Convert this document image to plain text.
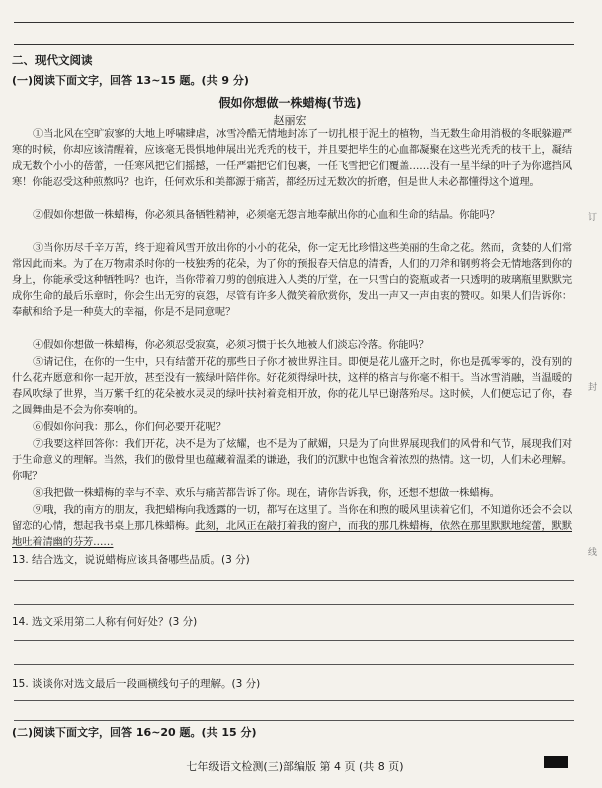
二、现代文阅读
(一)阅读下面文字，回答 13~15 题。(共 9 分)
假如你想做一株蜡梅(节选)
赵丽宏

①当北风在空旷寂寥的大地上呼啸肆虐，冰雪冷酷无情地封冻了一切扎根于泥土的植物，当无数生命用消极的冬眠躲避严寒的时候，你却应该清醒着，应该毫无畏惧地伸展出光秃秃的枝干，并且要把毕生的心血都凝聚在这些光秃秃的枝干上，凝结成无数个小小的蓓蕾，一任寒风把它们摇撼，一任严霜把它们包裹，一任飞雪把它们覆盖……没有一星半绿的叶子为你遮挡风寒！你能忍受这种煎熬吗？也许，任何欢乐和美都源于痛苦，都经历过无数次的折磨，但是世人未必都懂得这个道理。

②假如你想做一株蜡梅，你必须具备牺牲精神，必须毫无怨言地奉献出你的心血和生命的结晶。你能吗？

③当你历尽千辛万苦，终于迎着风雪开放出你的小小的花朵，你一定无比珍惜这些美丽的生命之花。然而，贪婪的人们常常因此而来。为了在万物肃杀时你的一枝独秀的花朵，为了你的预报春天信息的清香，人们的刀斧和钢剪将会无情地落到你的身上，你能承受这种牺牲吗？也许，当你带着刀剪的创痕进入人类的厅堂，在一只雪白的瓷瓶或者一只透明的玻璃瓶里默默完成你生命的最后乐章时，你会生出无穷的哀怨，尽管有许多人微笑着欣赏你，发出一声又一声由衷的赞叹。如果人们告诉你：奉献和给予是一种莫大的幸福，你是不是同意呢？

④假如你想做一株蜡梅，你必须忍受寂寞，必须习惯于长久地被人们淡忘冷落。你能吗？

⑤请记住，在你的一生中，只有结蕾开花的那些日子你才被世界注目。即便是花儿盛开之时，你也是孤零零的，没有别的什么花卉愿意和你一起开放，甚至没有一簇绿叶陪伴你。好花须得绿叶扶，这样的格言与你毫不相干。当冰雪消融，当温暖的春风吹绿了世界，当万紫千红的花朵被水灵灵的绿叶扶衬着竞相开放，你的花儿早已谢落殆尽。这时候，人们便忘记了你，春之圆舞曲是不会为你奏响的。

⑥假如你问我：那么，你们何必要开花呢？

⑦我要这样回答你：我们开花，决不是为了炫耀，也不是为了献媚，只是为了向世界展现我们的风骨和气节，展现我们对于生命意义的理解。当然，我们的傲骨里也蕴藏着温柔的谦逊，我们的沉默中也饱含着浓烈的热情。这一切，人们未必理解。你呢？

⑧我把做一株蜡梅的幸与不幸、欢乐与痛苦都告诉了你。现在，请你告诉我，你，还想不想做一株蜡梅。

⑨哦，我的南方的朋友，我把蜡梅向我透露的一切，都写在这里了。当你在和煦的暖风里读着它们，不知道你还会不会以留恋的心情，想起我书桌上那几株蜡梅。此刻，北风正在敲打着我的窗户，而我的那几株蜡梅，依然在那里默默地绽蕾，默默地吐着清幽的芬芳……

13. 结合选文，说说蜡梅应该具备哪些品质。(3 分)
14. 选文采用第二人称有何好处？(3 分)
15. 谈谈你对选文最后一段画横线句子的理解。(3 分)
(二)阅读下面文字，回答 16~20 题。(共 15 分)
七年级语文检测(三)部编版 第 4 页 (共 8 页)
订
封
线
